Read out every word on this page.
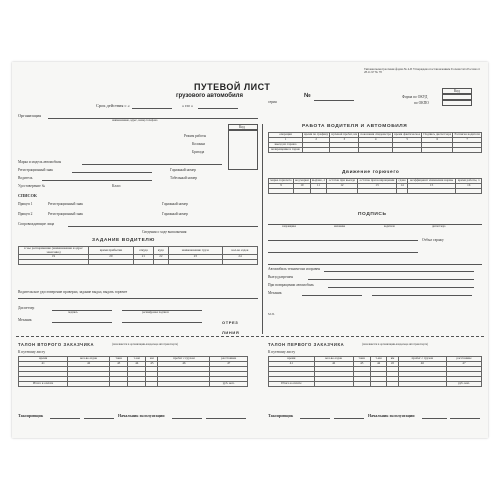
Типовая межотраслевая форма № 4-П Утверждена постановлением Госкомстата России от 28.11.97 № 78
ПУТЕВОЙ ЛИСТ
грузового автомобиля	№
Код
Форма по ОКУД
по ОКПО
Срок действия с «	» по «
серия
Организация
наименование, адрес, номер телефона
Код
Режим работы
Колонна
Бригада
Марка и модель автомобиля
Регистрационный знак	Гаражный номер
Водитель	Табельный номер
Удостоверение №	Класс
СПИСОК
Прицеп 1	Регистрационный знак	Гаражный номер
Прицеп 2	Регистрационный знак	Гаражный номер
Сопровождающие лица
Сведения о ходе выполнения
ЗАДАНИЕ ВОДИТЕЛЮ
в чье распоряжение (наименование и адрес заказчика)	время прибытия	откуда	куда	наименование груза	кол-во ездок
19	20	21	22	23	24

Водительское удостоверение проверил, задание выдал, выдать горючее
Диспетчер
подпись	расшифровка подписи
Механик
РАБОТА ВОДИТЕЛЯ И АВТОМОБИЛЯ
операция	время по графику	нулевой пробег, км	показания спидометра	время фактическое	Подпись диспетчера	Расписка водителя
1	2	3	4	5	6	7
выезд из гаража						
возвращение в гараж						
Движение горючего
марка горючего	код марки	выдано, л	остаток при выезде	остаток при возвращении	сдано	коэффициент изменения нормы	время работы, ч
9	10	11	12	13	14	15	16

ПОДПИСЬ
заправщика	механика	водителя	диспетчера
Отбыл гаражу
Автомобиль технически исправен
Выезд разрешен
При возвращении автомобиль
Механик
М.П.
ОТРЕЗ
ЛИНИЯ
ТАЛОН ВТОРОГО ЗАКАЗЧИКА	(заполняется в организации-владельце автотранспорта)	ТАЛОН ПЕРВОГО ЗАКАЗЧИКА	(заполняется в организации-владельце автотранспорта)
К путевому листу	К путевому листу
время	кол-во ездок	тонн	т-км	км	пробег с грузом	расстояние
41	42	43	44	45	46	47

Итого к оплате						руб. коп.
время	кол-во ездок	тонн	т-км	км	пробег с грузом	расстояние
41	42	43	44	45	46	47

Итого к оплате						руб. коп.
Таксировщик	Начальник эксплуатации	Таксировщик	Начальник эксплуатации
